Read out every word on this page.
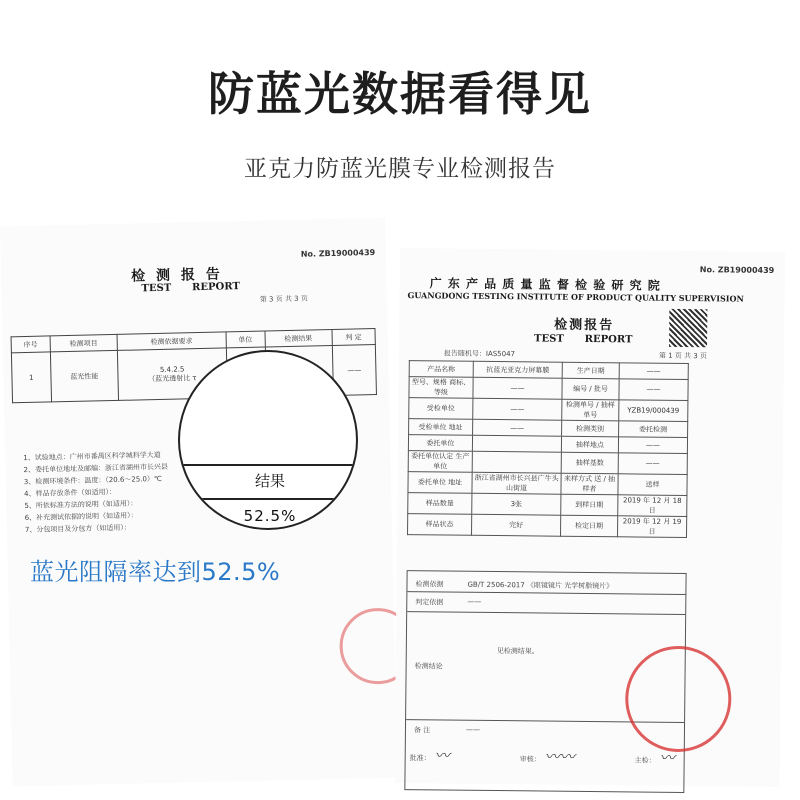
防蓝光数据看得见
亚克力防蓝光膜专业检测报告
No. ZB19000439
检 测 报 告
TEST      REPORT
第 3 页 共 3 页
序号	检测项目	检测依据要求	单位	检测结果	判 定
1	蓝光性能	5.4.2.5
（蓝光透射比 τ			——
1、试验地点：广州市番禺区科学城科学大道
2、委托单位地址及邮编：浙江省湖州市长兴县
3、检测环境条件：温度：（20.6～25.0）℃
4、样品存放条件（如适用）：
5、所依标准方法的说明（如适用）：
6、补充测试依据的说明（如适用）：
7、分包项目及分包方（如适用）：
结果
52.5%
蓝光阻隔率达到52.5%
No. ZB19000439
广 东 产 品 质 量 监 督 检 验 研 究 院
GUANGDONG TESTING INSTITUTE OF PRODUCT QUALITY SUPERVISION
检测报告
TEST      REPORT
报告随机号：IAS5047	第 1 页 共 3 页
产品名称	抗蓝光亚克力屏幕膜	生产日期	——
型号、规格 商标、等级	——	编号 / 批号	——
受检单位	——	检测单号 / 抽样单号	YZB19/000439
受检单位 地址	——	检测类别	委托检测
委托单位		抽样地点	——
委托单位认定 生产单位		抽样基数	——
委托单位 地址	浙江省湖州市长兴县广牛头山街道	来样方式 送 / 抽样者	送样
样品数量	3张	到样日期	2019 年 12 月 18 日
样品状态	完好	检定日期	2019 年 12 月 19 日
检测依据	GB/T 2506-2017 《眼镜镜片 光学树脂镜片》
判定依据	——
检测结论
见检测结果。
备 注	——
批准： 〰	审核： 〰〰	主检： 〰
